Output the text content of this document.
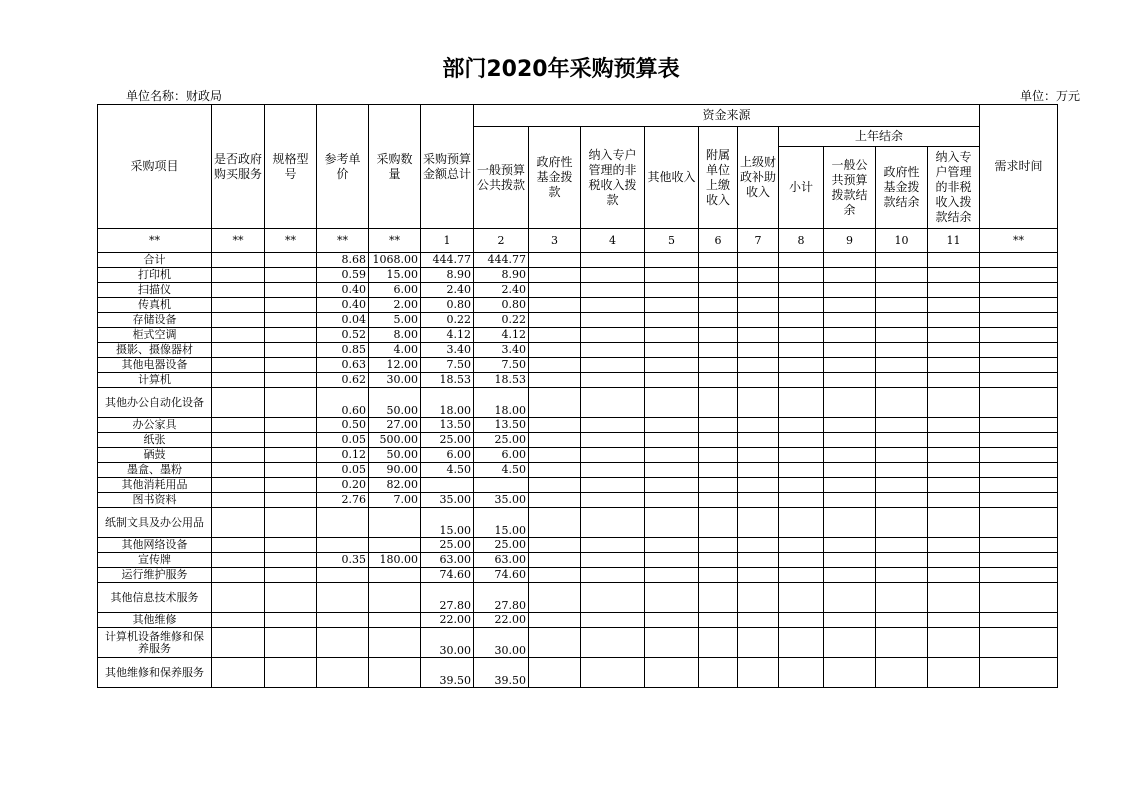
部门2020年采购预算表
单位名称：财政局	单位：万元
采购项目	是否政府购买服务	规格型号	参考单价	采购数量	采购预算金额总计	资金来源										需求时间
						一般预算公共拨款	政府性基金拨款	纳入专户管理的非税收入拨款	其他收入	附属单位上缴收入	上级财政补助收入	上年结余				
												小计	一般公共预算拨款结余	政府性基金拨款结余	纳入专户管理的非税收入拨款结余	
**	**	**	**	**	1	2	3	4	5	6	7	8	9	10	11	**
合计			8.68	1068.00	444.77	444.77										
打印机			0.59	15.00	8.90	8.90										
扫描仪			0.40	6.00	2.40	2.40										
传真机			0.40	2.00	0.80	0.80										
存储设备			0.04	5.00	0.22	0.22										
柜式空调			0.52	8.00	4.12	4.12										
摄影、摄像器材			0.85	4.00	3.40	3.40										
其他电器设备			0.63	12.00	7.50	7.50										
计算机			0.62	30.00	18.53	18.53										
其他办公自动化设备			0.60	50.00	18.00	18.00										
办公家具			0.50	27.00	13.50	13.50										
纸张			0.05	500.00	25.00	25.00										
硒鼓			0.12	50.00	6.00	6.00										
墨盒、墨粉			0.05	90.00	4.50	4.50										
其他消耗用品			0.20	82.00												
图书资料			2.76	7.00	35.00	35.00										
纸制文具及办公用品					15.00	15.00										
其他网络设备					25.00	25.00										
宣传牌			0.35	180.00	63.00	63.00										
运行维护服务					74.60	74.60										
其他信息技术服务					27.80	27.80										
其他维修					22.00	22.00										
计算机设备维修和保养服务					30.00	30.00										
其他维修和保养服务					39.50	39.50										
